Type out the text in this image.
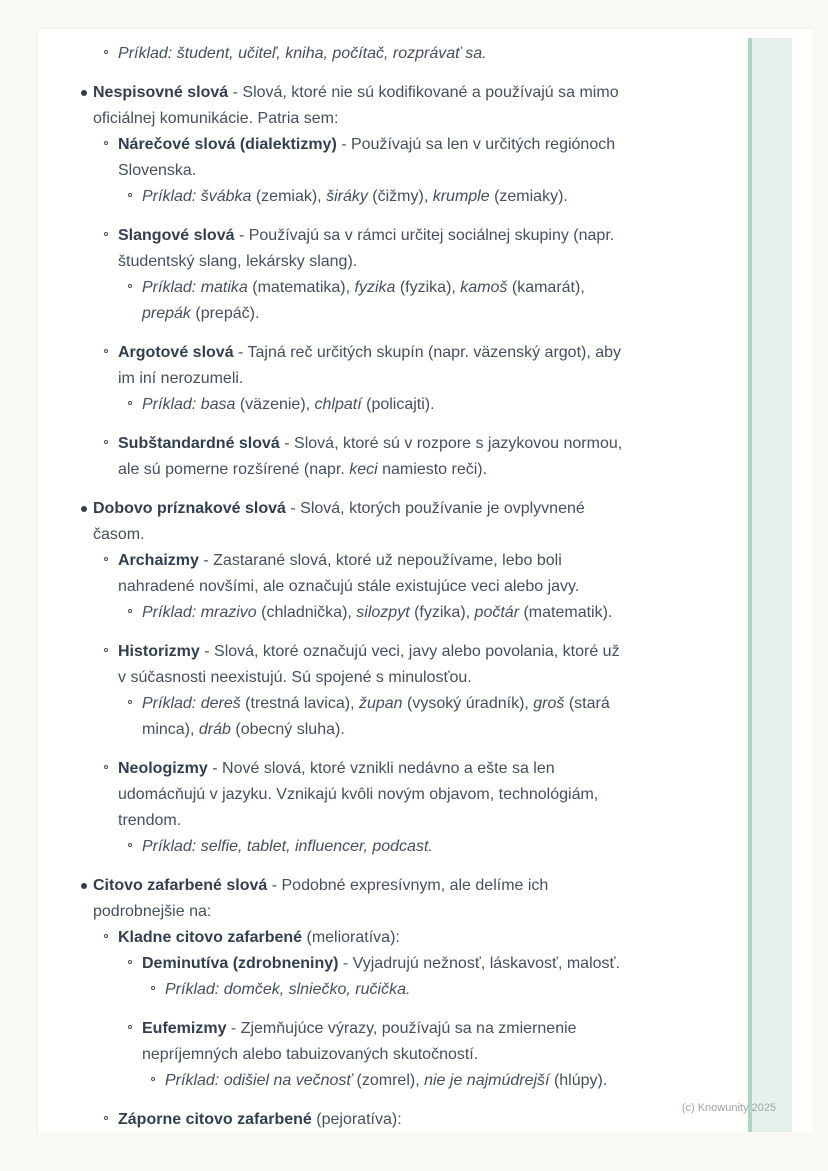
Príklad: študent, učiteľ, kniha, počítač, rozprávať sa.
Nespisovné slová - Slová, ktoré nie sú kodifikované a používajú sa mimo
oficiálnej komunikácie. Patria sem:
Nárečové slová (dialektizmy) - Používajú sa len v určitých regiónoch
Slovenska.
Príklad: švábka (zemiak), širáky (čižmy), krumple (zemiaky).
Slangové slová - Používajú sa v rámci určitej sociálnej skupiny (napr.
študentský slang, lekársky slang).
Príklad: matika (matematika), fyzika (fyzika), kamoš (kamarát),
prepák (prepáč).
Argotové slová - Tajná reč určitých skupín (napr. väzenský argot), aby
im iní nerozumeli.
Príklad: basa (väzenie), chlpatí (policajti).
Subštandardné slová - Slová, ktoré sú v rozpore s jazykovou normou,
ale sú pomerne rozšírené (napr. keci namiesto reči).
Dobovo príznakové slová - Slová, ktorých používanie je ovplyvnené
časom.
Archaizmy - Zastarané slová, ktoré už nepoužívame, lebo boli
nahradené novšími, ale označujú stále existujúce veci alebo javy.
Príklad: mrazivo (chladnička), silozpyt (fyzika), počtár (matematik).
Historizmy - Slová, ktoré označujú veci, javy alebo povolania, ktoré už
v súčasnosti neexistujú. Sú spojené s minulosťou.
Príklad: dereš (trestná lavica), župan (vysoký úradník), groš (stará
minca), dráb (obecný sluha).
Neologizmy - Nové slová, ktoré vznikli nedávno a ešte sa len
udomácňujú v jazyku. Vznikajú kvôli novým objavom, technológiám,
trendom.
Príklad: selfie, tablet, influencer, podcast.
Citovo zafarbené slová - Podobné expresívnym, ale delíme ich
podrobnejšie na:
Kladne citovo zafarbené (melioratíva):
Deminutíva (zdrobneniny) - Vyjadrujú nežnosť, láskavosť, malosť.
Príklad: domček, slniečko, ručička.
Eufemizmy - Zjemňujúce výrazy, používajú sa na zmiernenie
nepríjemných alebo tabuizovaných skutočností.
Príklad: odišiel na večnosť (zomrel), nie je najmúdrejší (hlúpy).
Záporne citovo zafarbené (pejoratíva):
(c) Knowunity 2025
